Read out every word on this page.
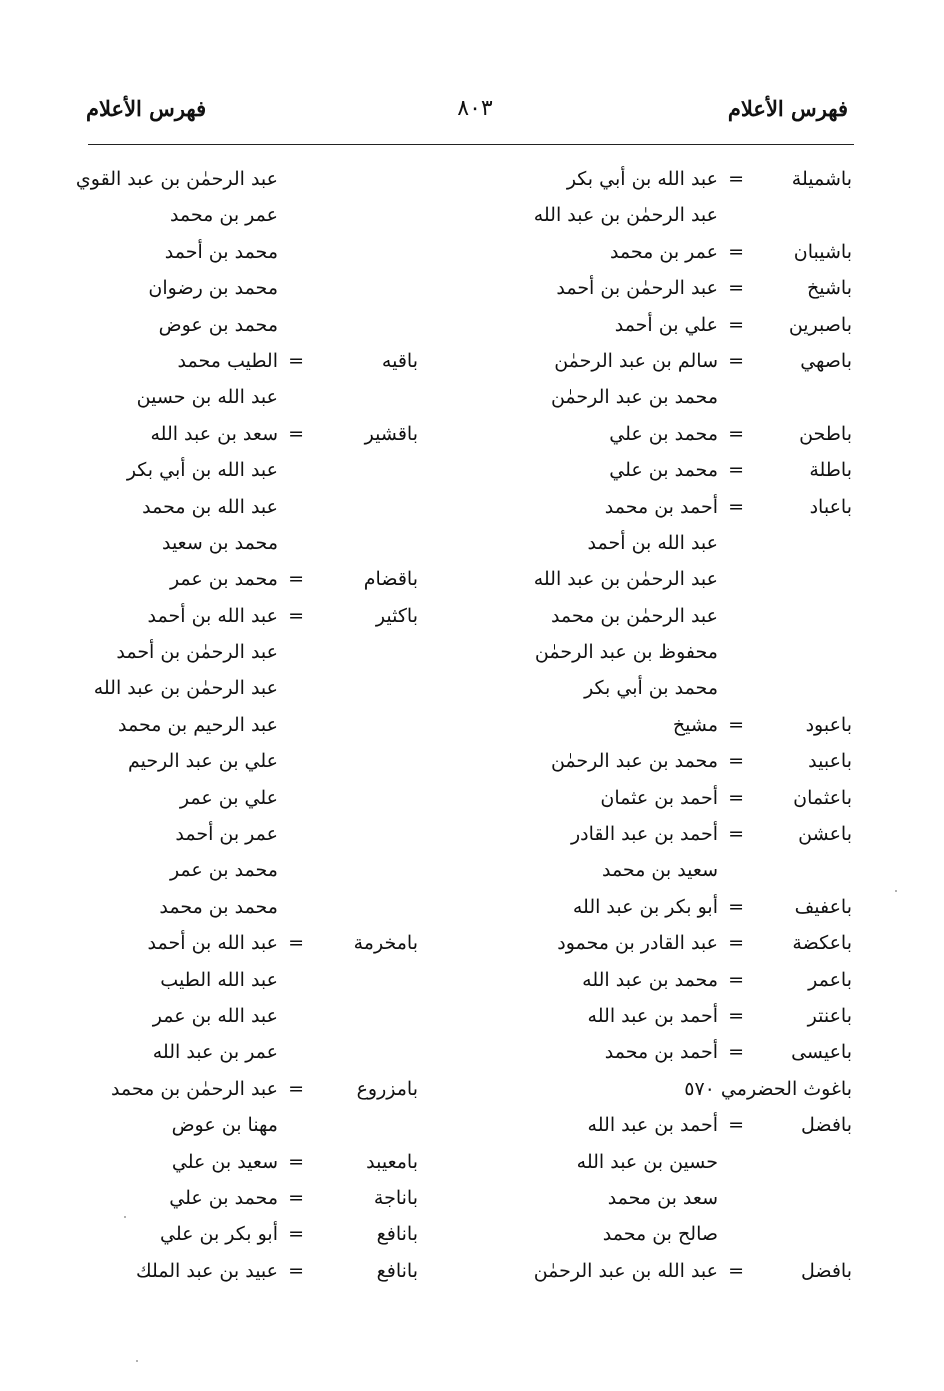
فهرس الأعلام
٨٠٣
فهرس الأعلام
باشميلة
=
عبد الله بن أبي بكر
عبد الرحمٰن بن عبد الله
باشيبان
=
عمر بن محمد
باشيخ
=
عبد الرحمٰن بن أحمد
باصبرين
=
علي بن أحمد
باصهي
=
سالم بن عبد الرحمٰن
محمد بن عبد الرحمٰن
باطحن
=
محمد بن علي
باطلة
=
محمد بن علي
باعباد
=
أحمد بن محمد
عبد الله بن أحمد
عبد الرحمٰن بن عبد الله
عبد الرحمٰن بن محمد
محفوظ بن عبد الرحمٰن
محمد بن أبي بكر
باعبود
=
مشيخ
باعبيد
=
محمد بن عبد الرحمٰن
باعثمان
=
أحمد بن عثمان
باعشن
=
أحمد بن عبد القادر
سعيد بن محمد
باعفيف
=
أبو بكر بن عبد الله
باعكضة
=
عبد القادر بن محمود
باعمر
=
محمد بن عبد الله
باعنتر
=
أحمد بن عبد الله
باعيسى
=
أحمد بن محمد
باغوث الحضرمي ٥٧٠
بافضل
=
أحمد بن عبد الله
حسين بن عبد الله
سعد بن محمد
صالح بن محمد
بافضل
=
عبد الله بن عبد الرحمٰن
عبد الرحمٰن بن عبد القوي
عمر بن محمد
محمد بن أحمد
محمد بن رضوان
محمد بن عوض
باقيه
=
الطيب محمد
عبد الله بن حسين
باقشير
=
سعد بن عبد الله
عبد الله بن أبي بكر
عبد الله بن محمد
محمد بن سعيد
باقضام
=
محمد بن عمر
باكثير
=
عبد الله بن أحمد
عبد الرحمٰن بن أحمد
عبد الرحمٰن بن عبد الله
عبد الرحيم بن محمد
علي بن عبد الرحيم
علي بن عمر
عمر بن أحمد
محمد بن عمر
محمد بن محمد
بامخرمة
=
عبد الله بن أحمد
عبد الله الطيب
عبد الله بن عمر
عمر بن عبد الله
بامزروع
=
عبد الرحمٰن بن محمد
مهنا بن عوض
بامعيبد
=
سعيد بن علي
باناجة
=
محمد بن علي
بانافع
=
أبو بكر بن علي
بانافع
=
عبيد بن عبد الملك
